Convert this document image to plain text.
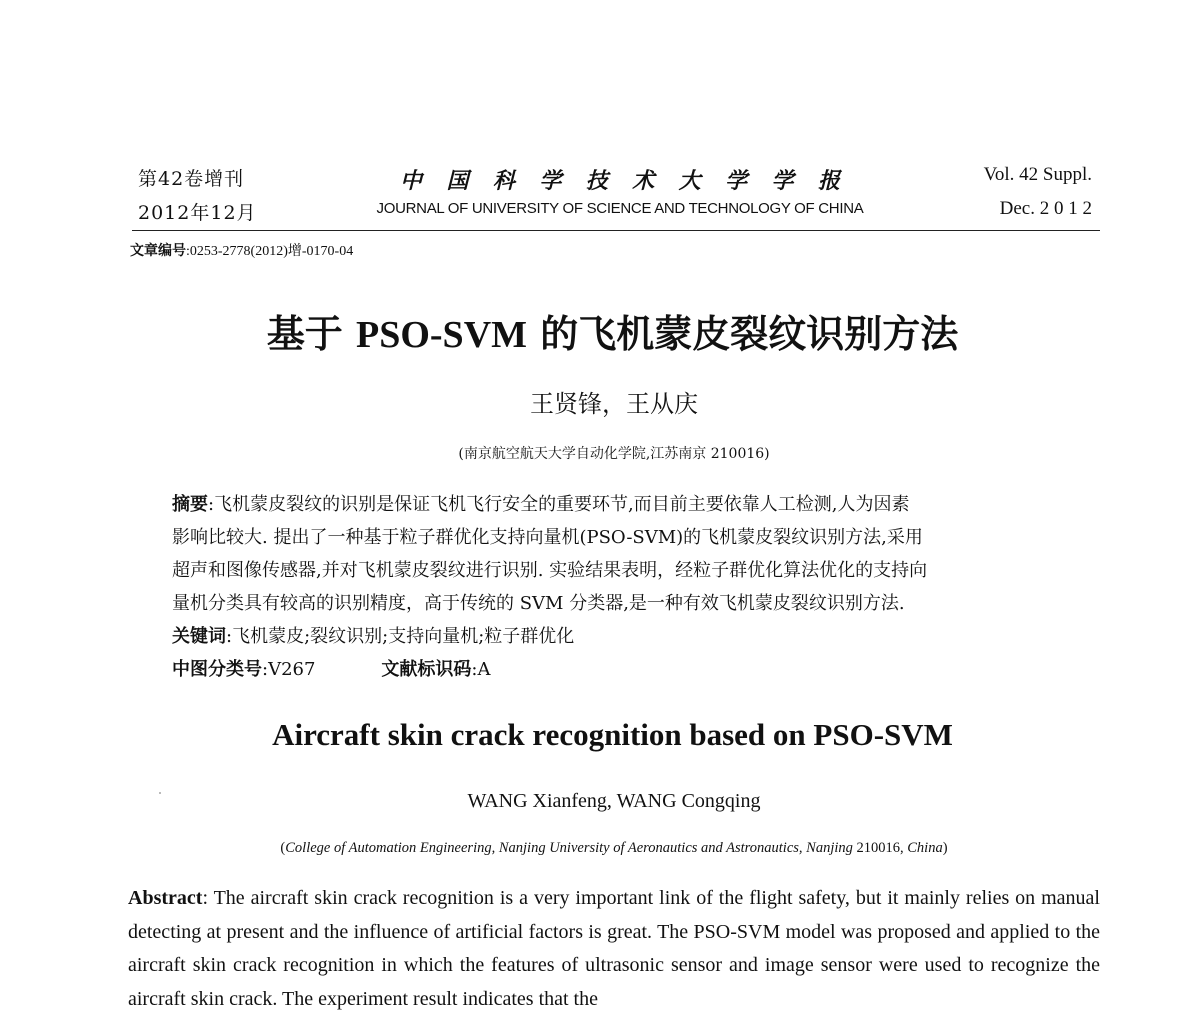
第42卷增刊
2012年12月
中 国 科 学 技 术 大 学 学 报
JOURNAL OF UNIVERSITY OF SCIENCE AND TECHNOLOGY OF CHINA
Vol. 42 Suppl.
Dec. 2 0 1 2
文章编号:0253-2778(2012)增-0170-04
基于 PSO-SVM 的飞机蒙皮裂纹识别方法
王贤锋，王从庆
(南京航空航天大学自动化学院,江苏南京 210016)

摘要:飞机蒙皮裂纹的识别是保证飞机飞行安全的重要环节,而目前主要依靠人工检测,人为因素

影响比较大. 提出了一种基于粒子群优化支持向量机(PSO-SVM)的飞机蒙皮裂纹识别方法,采用

超声和图像传感器,并对飞机蒙皮裂纹进行识别. 实验结果表明，经粒子群优化算法优化的支持向

量机分类具有较高的识别精度，高于传统的 SVM 分类器,是一种有效飞机蒙皮裂纹识别方法.

关键词:飞机蒙皮;裂纹识别;支持向量机;粒子群优化

中图分类号:V267	文献标识码:A

Aircraft skin crack recognition based on PSO-SVM
WANG Xianfeng, WANG Congqing
(College of Automation Engineering, Nanjing University of Aeronautics and Astronautics, Nanjing 210016, China)

Abstract: The aircraft skin crack recognition is a very important link of the flight safety, but it mainly relies on manual detecting at present and the influence of artificial factors is great. The PSO-SVM model was proposed and applied to the aircraft skin crack recognition in which the features of ultrasonic sensor and image sensor were used to recognize the aircraft skin crack. The experiment result indicates that the
